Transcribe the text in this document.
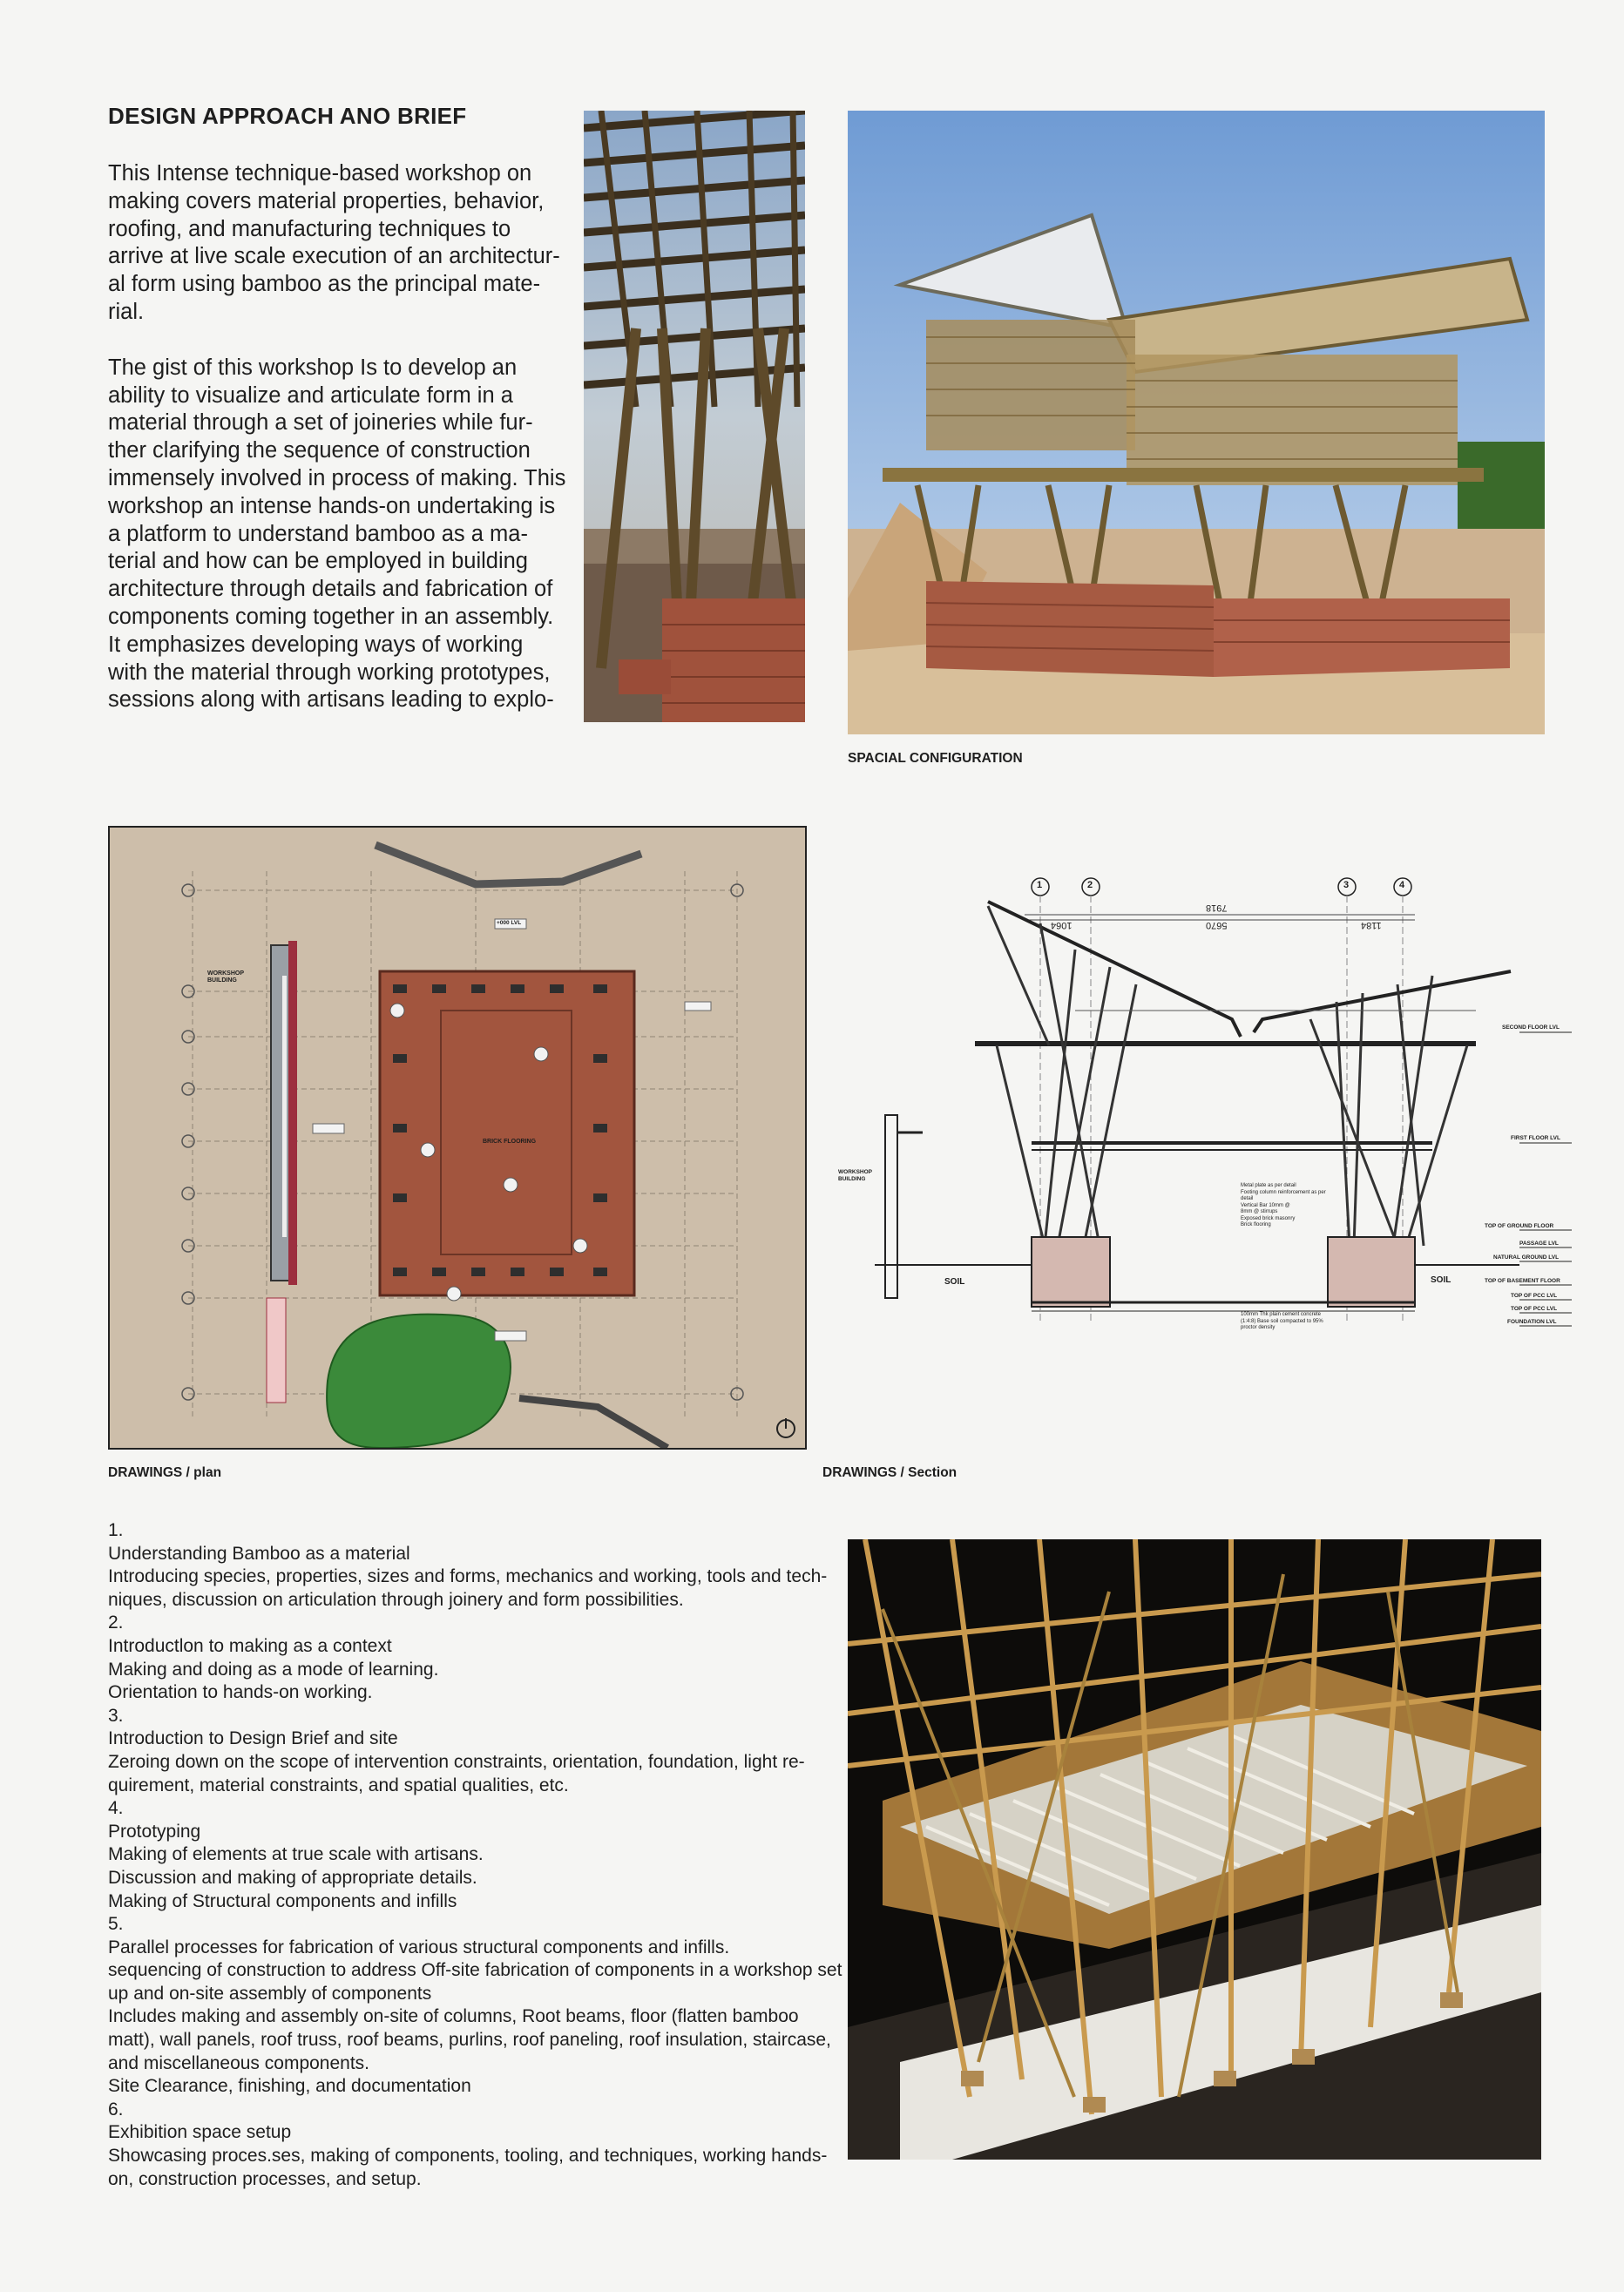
DESIGN APPROACH ANO BRIEF

This Intense technique-based workshop on making covers material properties, behavior, roofing, and manufacturing techniques to arrive at live scale execution of an architectur-al form using bamboo as the principal mate-rial.

The gist of this workshop Is to develop an ability to visualize and articulate form in a material through a set of joineries while fur-ther clarifying the sequence of construction immensely involved in process of making. This workshop an intense hands-on undertaking is a platform to understand bamboo as a ma-terial and how can be employed in building architecture through details and fabrication of components coming together in an assembly. It emphasizes developing ways of working with the material through working prototypes, sessions along with artisans leading to explo-

SPACIAL CONFIGURATION
WORKSHOP BUILDING
BRICK FLOORING
+000 LVL
DRAWINGS / plan
1	2	3	4
1064	5670
7918
1184
SECOND FLOOR LVL
FIRST FLOOR LVL
TOP OF GROUND FLOOR
PASSAGE LVL
NATURAL GROUND LVL
TOP OF BASEMENT FLOOR
TOP OF PCC LVL
TOP OF PCC LVL
FOUNDATION LVL
SOIL	SOIL
WORKSHOP BUILDING
Metal plate as per detail
Footing column reinforcement as per detail
Vertical Bar 10mm @
8mm @ stirrups
Exposed brick masonry
Brick flooring
100mm Thk plain cement concrete (1:4:8) Base soil compacted to 95% proctor density
DRAWINGS / Section
1.
Understanding Bamboo as a material
Introducing species, properties, sizes and forms, mechanics and working, tools and tech-niques, discussion on articulation through joinery and form possibilities.
2.
Introductlon to making as a context
Making and doing as a mode of learning.
Orientation to hands-on working.
3.
Introduction to Design Brief and site
Zeroing down on the scope of intervention constraints, orientation, foundation, light re-quirement, material constraints, and spatial qualities, etc.
4.
Prototyping
Making of elements at true scale with artisans.
Discussion and making of appropriate details.
Making of Structural components and infills
5.
Parallel processes for fabrication of various structural components and infills.
sequencing of construction to address Off-site fabrication of components in a workshop set up and on-site assembly of components
Includes making and assembly on-site of columns, Root beams, floor (flatten bamboo matt), wall panels, roof truss, roof beams, purlins, roof paneling, roof insulation, staircase, and miscellaneous components.
Site Clearance, finishing, and documentation
6.
Exhibition space setup
Showcasing proces.ses, making of components, tooling, and techniques, working hands-on, construction processes, and setup.
